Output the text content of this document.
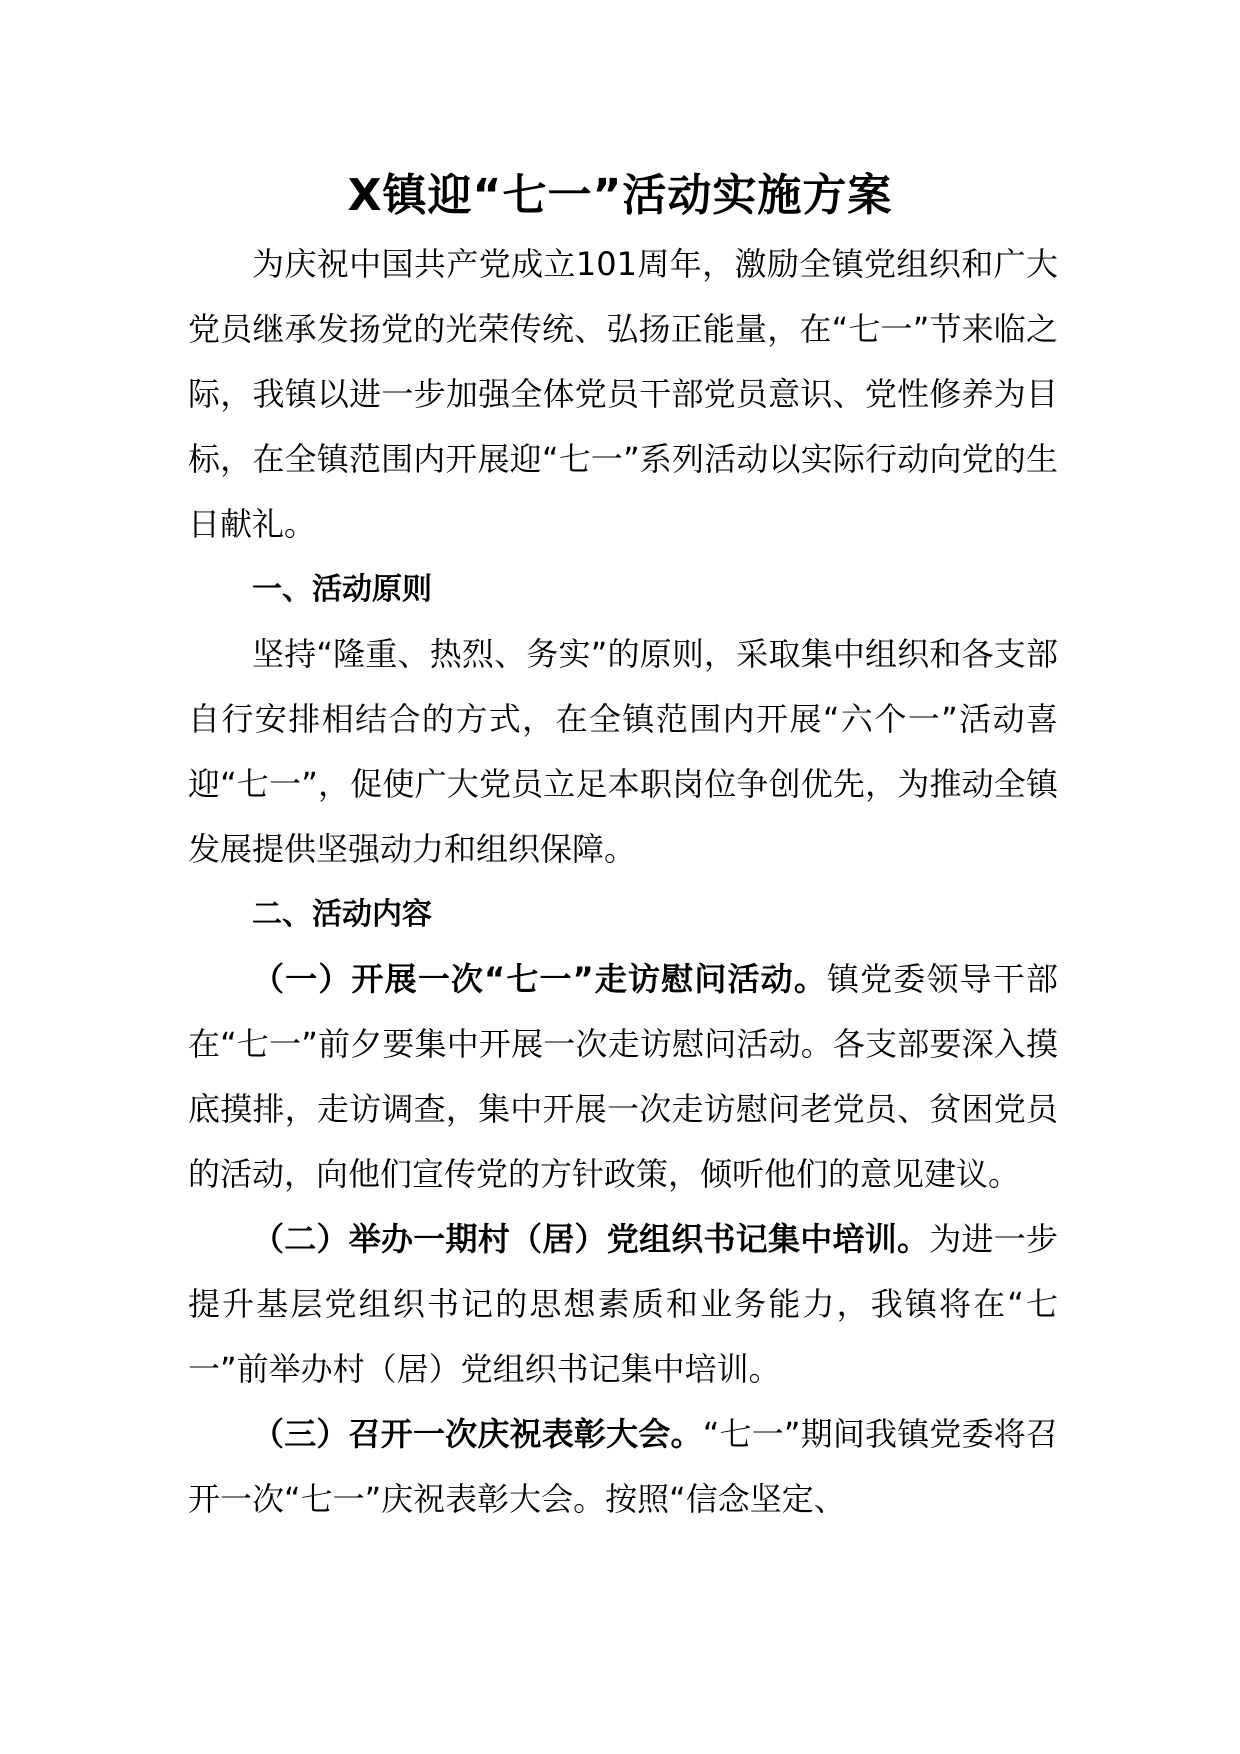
X镇迎“七一”活动实施方案

为庆祝中国共产党成立101周年，激励全镇党组织和广大党员继承发扬党的光荣传统、弘扬正能量，在“七一”节来临之际，我镇以进一步加强全体党员干部党员意识、党性修养为目标，在全镇范围内开展迎“七一”系列活动以实际行动向党的生日献礼。

一、活动原则

坚持“隆重、热烈、务实”的原则，采取集中组织和各支部自行安排相结合的方式，在全镇范围内开展“六个一”活动喜迎“七一”，促使广大党员立足本职岗位争创优先，为推动全镇发展提供坚强动力和组织保障。

二、活动内容

（一）开展一次“七一”走访慰问活动。镇党委领导干部在“七一”前夕要集中开展一次走访慰问活动。各支部要深入摸底摸排，走访调查，集中开展一次走访慰问老党员、贫困党员的活动，向他们宣传党的方针政策，倾听他们的意见建议。

（二）举办一期村（居）党组织书记集中培训。为进一步提升基层党组织书记的思想素质和业务能力，我镇将在“七一”前举办村（居）党组织书记集中培训。

（三）召开一次庆祝表彰大会。“七一”期间我镇党委将召开一次“七一”庆祝表彰大会。按照“信念坚定、
